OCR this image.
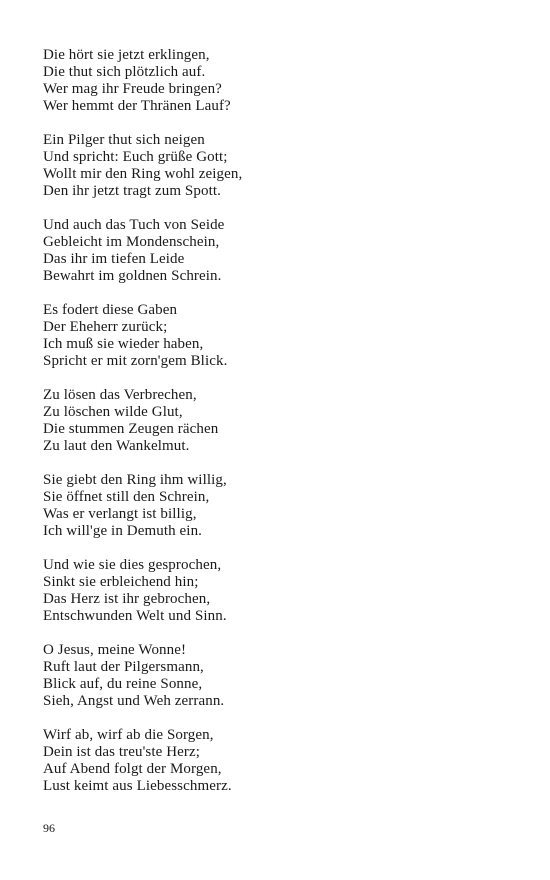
Die hört sie jetzt erklingen,
Die thut sich plötzlich auf.
Wer mag ihr Freude bringen?
Wer hemmt der Thränen Lauf?
Ein Pilger thut sich neigen
Und spricht: Euch grüße Gott;
Wollt mir den Ring wohl zeigen,
Den ihr jetzt tragt zum Spott.
Und auch das Tuch von Seide
Gebleicht im Mondenschein,
Das ihr im tiefen Leide
Bewahrt im goldnen Schrein.
Es fodert diese Gaben
Der Eheherr zurück;
Ich muß sie wieder haben,
Spricht er mit zorn'gem Blick.
Zu lösen das Verbrechen,
Zu löschen wilde Glut,
Die stummen Zeugen rächen
Zu laut den Wankelmut.
Sie giebt den Ring ihm willig,
Sie öffnet still den Schrein,
Was er verlangt ist billig,
Ich will'ge in Demuth ein.
Und wie sie dies gesprochen,
Sinkt sie erbleichend hin;
Das Herz ist ihr gebrochen,
Entschwunden Welt und Sinn.
O Jesus, meine Wonne!
Ruft laut der Pilgersmann,
Blick auf, du reine Sonne,
Sieh, Angst und Weh zerrann.
Wirf ab, wirf ab die Sorgen,
Dein ist das treu'ste Herz;
Auf Abend folgt der Morgen,
Lust keimt aus Liebesschmerz.
96
